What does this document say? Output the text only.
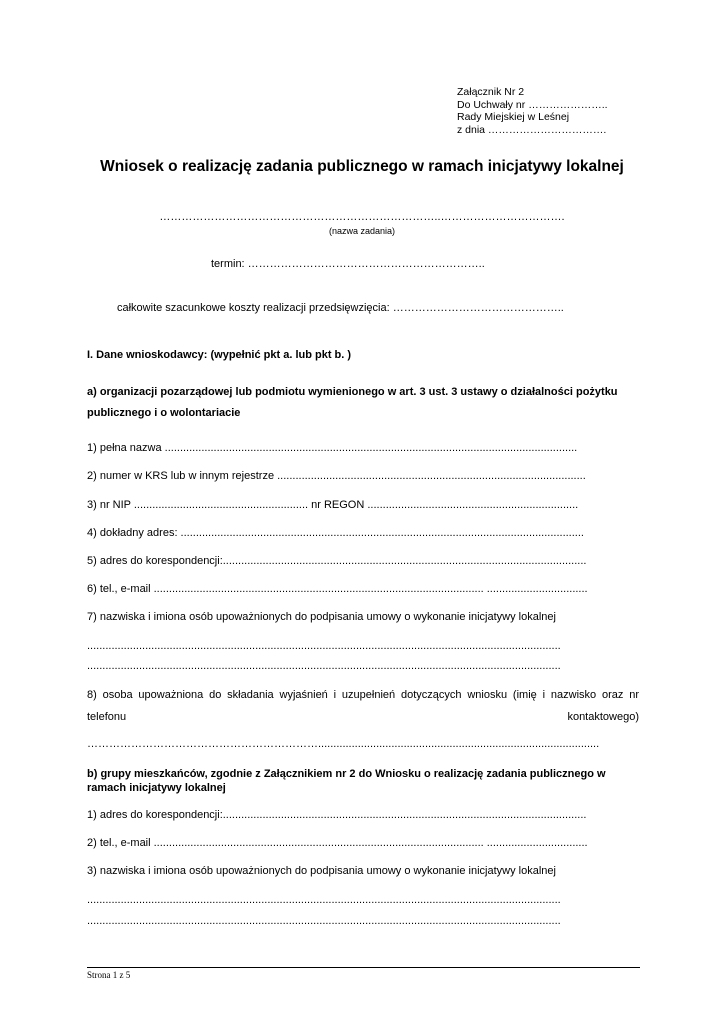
Załącznik Nr 2
Do Uchwały nr …………………..
Rady Miejskiej w Leśnej
z dnia …………………………….
Wniosek o realizację zadania publicznego w ramach inicjatywy lokalnej
…………………………………………………………………..…………………………….
(nazwa zadania)
termin: ………………………………………………………..
całkowite szacunkowe koszty realizacji przedsięwzięcia: ………………………………………..
I. Dane wnioskodawcy: (wypełnić pkt a. lub pkt b. )
a) organizacji pozarządowej lub podmiotu wymienionego w art. 3 ust. 3 ustawy o działalności pożytku publicznego i o wolontariacie
1) pełna nazwa .......................................................................................................................................
2) numer w KRS lub w innym rejestrze .....................................................................................................
3) nr NIP ......................................................... nr REGON .....................................................................
4) dokładny adres: ....................................................................................................................................
5) adres do korespondencji:.......................................................................................................................
6) tel., e-mail ............................................................................................................ .................................
7) nazwiska i imiona osób upoważnionych do podpisania umowy o wykonanie inicjatywy lokalnej
...........................................................................................................................................................
...........................................................................................................................................................
8) osoba upoważniona do składania wyjaśnień i uzupełnień dotyczących wniosku (imię i nazwisko oraz nr telefonu kontaktowego)
………………………………………………………............................................................................................
b) grupy mieszkańców, zgodnie z Załącznikiem nr 2 do Wniosku o realizację zadania publicznego w ramach inicjatywy lokalnej
1) adres do korespondencji:.......................................................................................................................
2) tel., e-mail ............................................................................................................ .................................
3) nazwiska i imiona osób upoważnionych do podpisania umowy o wykonanie inicjatywy lokalnej
...........................................................................................................................................................
...........................................................................................................................................................
Strona 1 z 5
